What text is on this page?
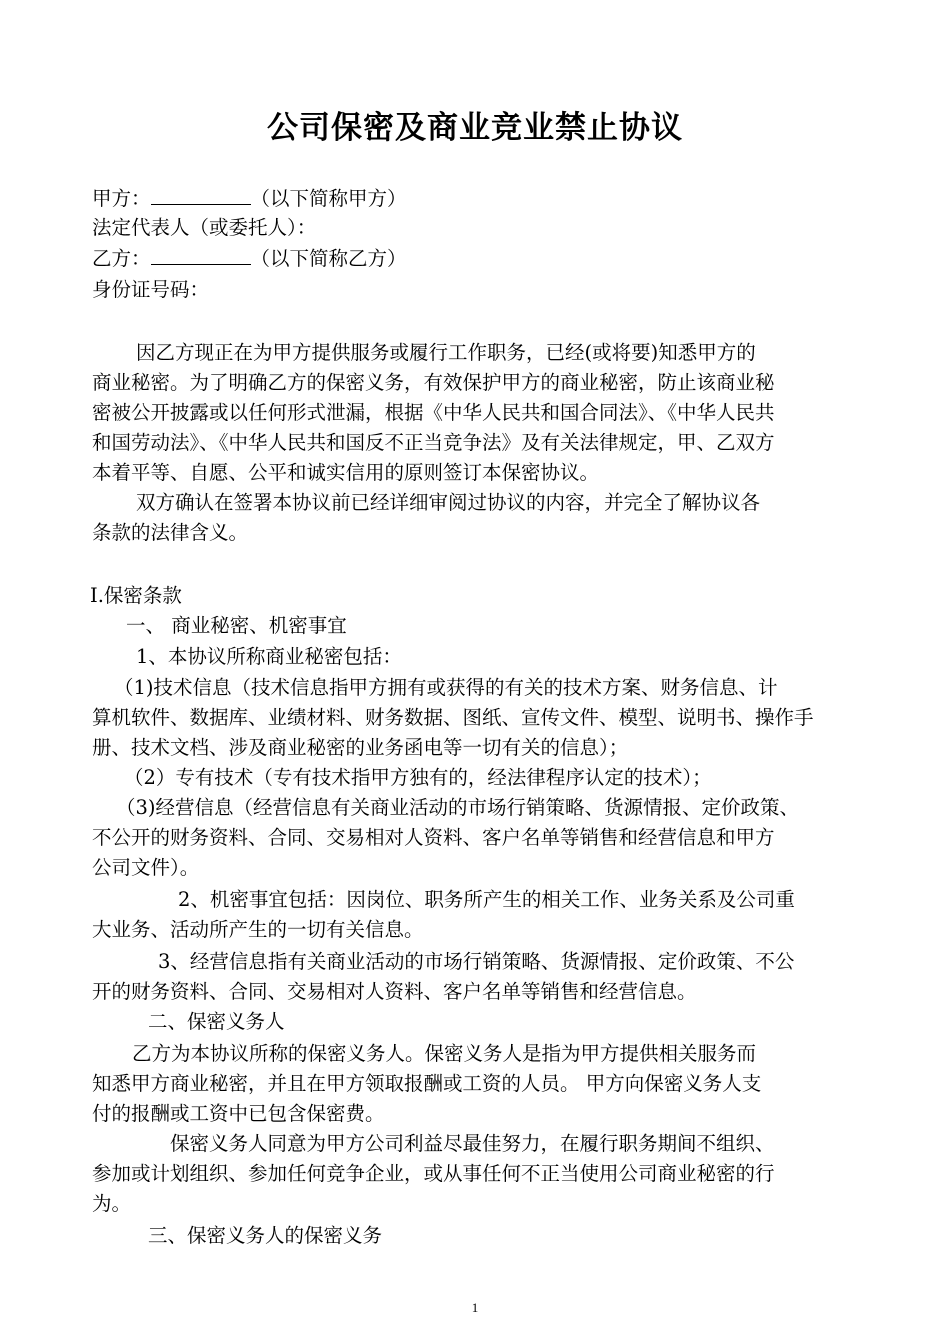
公司保密及商业竞业禁止协议
甲方：	（以下简称甲方）
法定代表人（或委托人）：
乙方：	（以下简称乙方）
身份证号码：
因乙方现正在为甲方提供服务或履行工作职务，已经(或将要)知悉甲方的
商业秘密。为了明确乙方的保密义务，有效保护甲方的商业秘密，防止该商业秘
密被公开披露或以任何形式泄漏，根据《中华人民共和国合同法》、《中华人民共
和国劳动法》、《中华人民共和国反不正当竞争法》及有关法律规定，甲、乙双方
本着平等、自愿、公平和诚实信用的原则签订本保密协议。
双方确认在签署本协议前已经详细审阅过协议的内容，并完全了解协议各
条款的法律含义。
Ⅰ.保密条款
一、 商业秘密、机密事宜
1、本协议所称商业秘密包括：
（1)技术信息（技术信息指甲方拥有或获得的有关的技术方案、财务信息、计
算机软件、数据库、业绩材料、财务数据、图纸、宣传文件、模型、说明书、操作手
册、技术文档、涉及商业秘密的业务函电等一切有关的信息）；
（2）专有技术（专有技术指甲方独有的，经法律程序认定的技术）；
（3)经营信息（经营信息有关商业活动的市场行销策略、货源情报、定价政策、
不公开的财务资料、合同、交易相对人资料、客户名单等销售和经营信息和甲方
公司文件）。
2、机密事宜包括：因岗位、职务所产生的相关工作、业务关系及公司重
大业务、活动所产生的一切有关信息。
3、经营信息指有关商业活动的市场行销策略、货源情报、定价政策、不公
开的财务资料、合同、交易相对人资料、客户名单等销售和经营信息。
二、保密义务人
乙方为本协议所称的保密义务人。保密义务人是指为甲方提供相关服务而
知悉甲方商业秘密，并且在甲方领取报酬或工资的人员。 甲方向保密义务人支
付的报酬或工资中已包含保密费。
保密义务人同意为甲方公司利益尽最佳努力，在履行职务期间不组织、
参加或计划组织、参加任何竞争企业，或从事任何不正当使用公司商业秘密的行
为。
三、保密义务人的保密义务
1
